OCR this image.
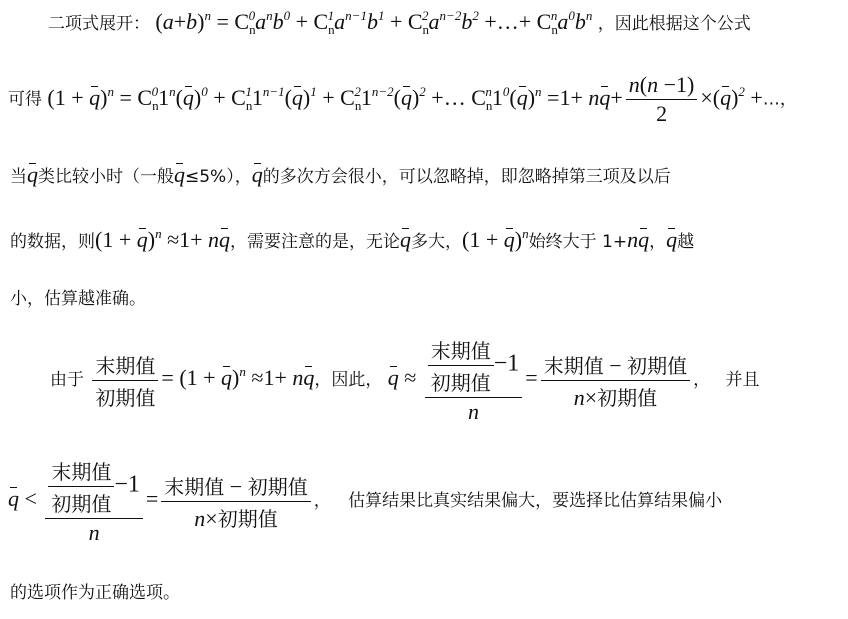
二项式展开： $(a+b)^n = C_n^0a^nb^0 + C_n^1a^{n-1}b^1 + C_n^2a^{n-2}b^2$ +…+ $C_n^na^0b^n$ ，因此根据这个公式
可得 $(1 + q)^n = C_n^01^n(q)^0 + C_n^11^{n-1}(q)^1 + C_n^21^{n-2}(q)^2$ +… $C_n^n1^0(q)^n =1+ nq+ \frac{n(n -1)}{2} \times(q)^2$ +…，
当q类比较小时（一般q≤5%），q的多次方会很小，可以忽略掉，即忽略掉第三项及以后
的数据，则$(1 + q)^n \approx 1+$ nq，需要注意的是，无论q多大，$(1 + q)^n$始终大于 1+nq，q越
小，估算越准确。
由于 $\frac{\text{末期值}}{\text{初期值}} = (1 + q)^n \approx 1+$ nq，因此， $q \approx \frac{\frac{\text{末期值}}{\text{初期值}} -1}{n} = \frac{\text{末期值 − 初期值}}{\text{n×初期值}}$ ， 并且
$q < \frac{\frac{\text{末期值}}{\text{初期值}} -1}{n} = \frac{\text{末期值 − 初期值}}{\text{n×初期值}}$ ， 估算结果比真实结果偏大，要选择比估算结果偏小
的选项作为正确选项。
